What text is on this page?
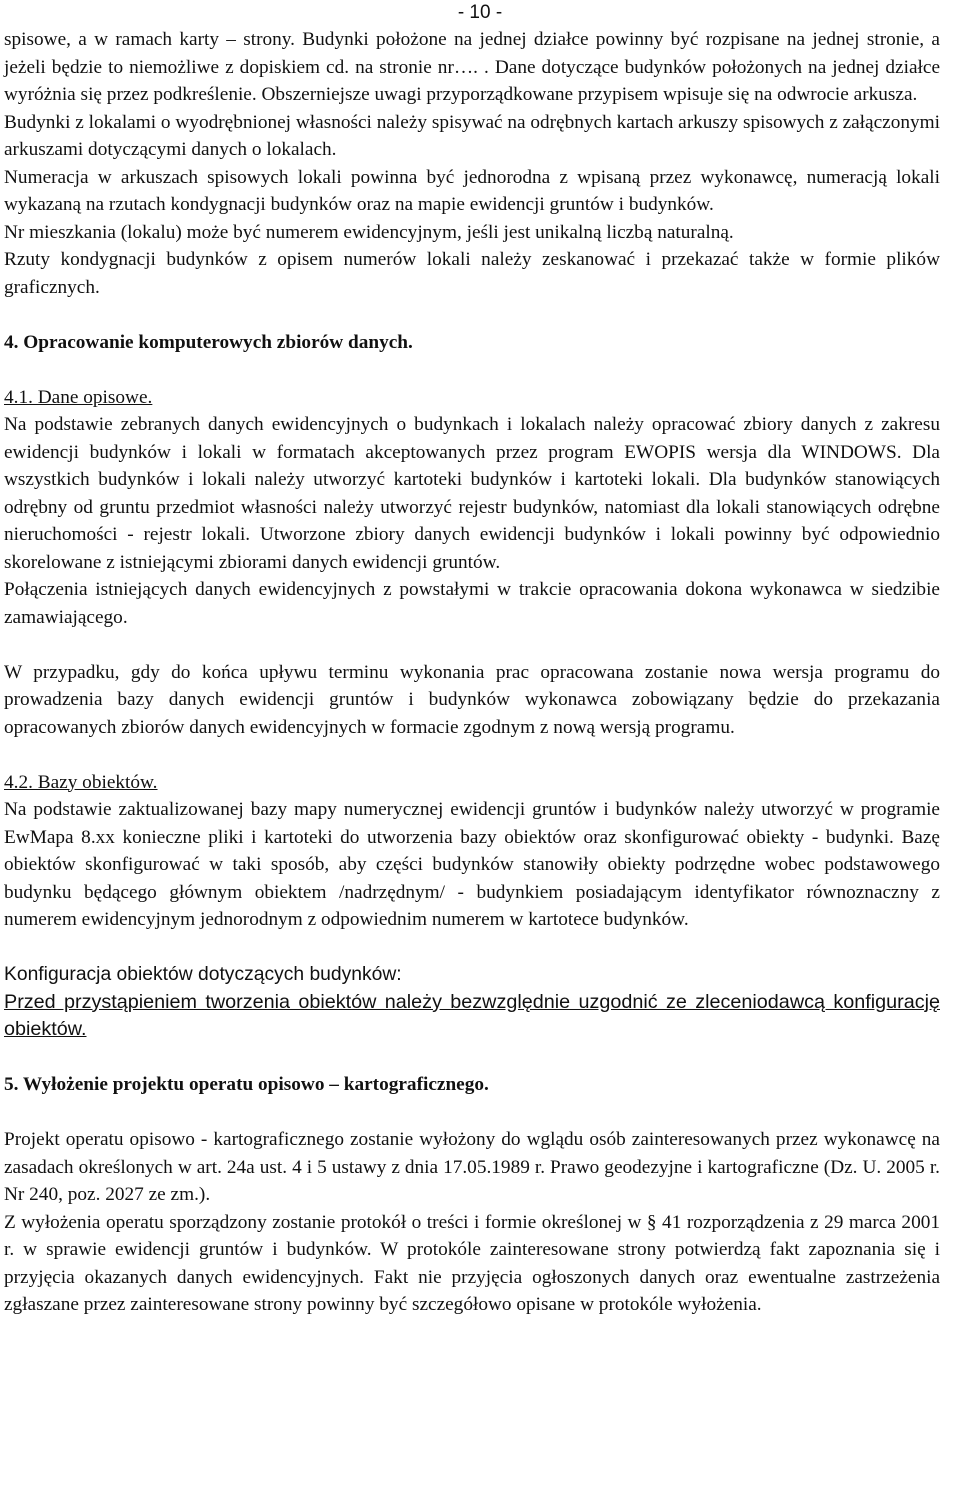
- 10 -

spisowe, a w ramach karty – strony. Budynki położone na jednej działce powinny być rozpisane na jednej stronie, a jeżeli będzie to niemożliwe z dopiskiem cd. na stronie nr…. . Dane dotyczące budynków położonych na jednej działce wyróżnia się przez podkreślenie. Obszerniejsze uwagi przyporządkowane przypisem wpisuje się na odwrocie arkusza.

Budynki z lokalami o wyodrębnionej własności należy spisywać na odrębnych kartach arkuszy spisowych z załączonymi arkuszami dotyczącymi danych o lokalach.

Numeracja w arkuszach spisowych lokali powinna być jednorodna z wpisaną przez wykonawcę, numeracją lokali wykazaną na rzutach kondygnacji budynków oraz na mapie ewidencji gruntów i budynków.

Nr mieszkania (lokalu) może być numerem ewidencyjnym, jeśli jest unikalną liczbą naturalną.

Rzuty kondygnacji budynków z opisem numerów lokali należy zeskanować i przekazać także w formie plików graficznych.

4. Opracowanie komputerowych zbiorów danych.

4.1. Dane opisowe.

Na podstawie zebranych danych ewidencyjnych o budynkach i lokalach należy opracować zbiory danych z zakresu ewidencji budynków i lokali w formatach akceptowanych przez program EWOPIS wersja dla WINDOWS. Dla wszystkich budynków i lokali należy utworzyć kartoteki budynków i kartoteki lokali. Dla budynków stanowiących odrębny od gruntu przedmiot własności należy utworzyć rejestr budynków, natomiast dla lokali stanowiących odrębne nieruchomości - rejestr lokali. Utworzone zbiory danych ewidencji budynków i lokali powinny być odpowiednio skorelowane z istniejącymi zbiorami danych ewidencji gruntów.

Połączenia istniejących danych ewidencyjnych z powstałymi w trakcie opracowania dokona wykonawca w siedzibie zamawiającego.

W przypadku, gdy do końca upływu terminu wykonania prac opracowana zostanie nowa wersja programu do prowadzenia bazy danych ewidencji gruntów i budynków wykonawca zobowiązany będzie do przekazania opracowanych zbiorów danych ewidencyjnych w formacie zgodnym z nową wersją programu.

4.2. Bazy obiektów.

Na podstawie zaktualizowanej bazy mapy numerycznej ewidencji gruntów i budynków należy utworzyć w programie EwMapa 8.xx konieczne pliki i kartoteki do utworzenia bazy obiektów oraz skonfigurować obiekty - budynki. Bazę obiektów skonfigurować w taki sposób, aby części budynków stanowiły obiekty podrzędne wobec podstawowego budynku będącego głównym obiektem /nadrzędnym/ - budynkiem posiadającym identyfikator równoznaczny z numerem ewidencyjnym jednorodnym z odpowiednim numerem w kartotece budynków.

Konfiguracja obiektów dotyczących budynków:

Przed przystąpieniem tworzenia obiektów należy bezwzględnie uzgodnić ze zleceniodawcą konfigurację obiektów.

5. Wyłożenie projektu operatu opisowo – kartograficznego.

Projekt operatu opisowo - kartograficznego zostanie wyłożony do wglądu osób zainteresowanych przez wykonawcę na zasadach określonych w art. 24a ust. 4 i 5 ustawy z dnia 17.05.1989 r. Prawo geodezyjne i kartograficzne (Dz. U. 2005 r. Nr 240, poz. 2027 ze zm.).

Z wyłożenia operatu sporządzony zostanie protokół o treści i formie określonej w § 41 rozporządzenia z 29 marca 2001 r. w sprawie ewidencji gruntów i budynków. W protokóle zainteresowane strony potwierdzą fakt zapoznania się i przyjęcia okazanych danych ewidencyjnych. Fakt nie przyjęcia ogłoszonych danych oraz ewentualne zastrzeżenia zgłaszane przez zainteresowane strony powinny być szczegółowo opisane w protokóle wyłożenia.
